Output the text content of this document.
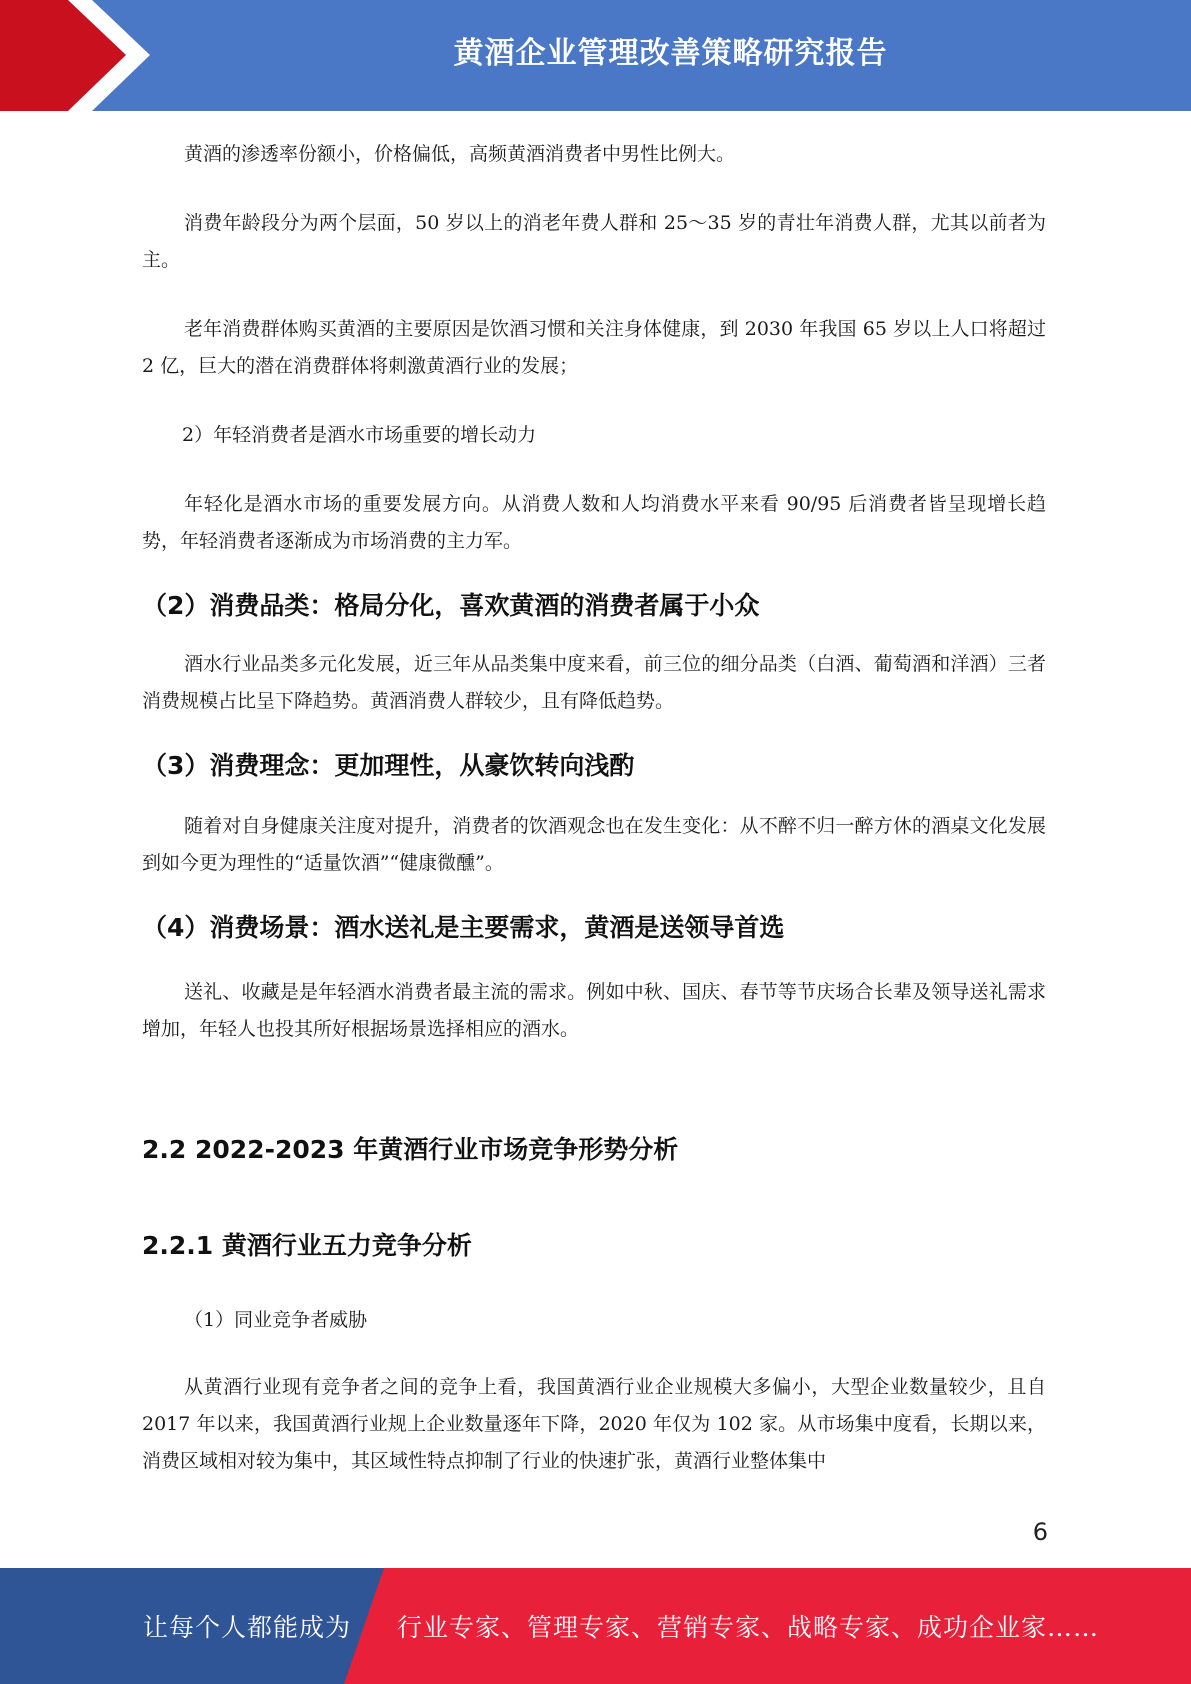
黄酒企业管理改善策略研究报告

黄酒的渗透率份额小，价格偏低，高频黄酒消费者中男性比例大。

消费年龄段分为两个层面，50 岁以上的消老年费人群和 25～35 岁的青壮年消费人群，尤其以前者为主。

老年消费群体购买黄酒的主要原因是饮酒习惯和关注身体健康，到 2030 年我国 65 岁以上人口将超过 2 亿，巨大的潜在消费群体将刺激黄酒行业的发展；

2）年轻消费者是酒水市场重要的增长动力

年轻化是酒水市场的重要发展方向。从消费人数和人均消费水平来看 90/95 后消费者皆呈现增长趋势，年轻消费者逐渐成为市场消费的主力军。

（2）消费品类：格局分化，喜欢黄酒的消费者属于小众

酒水行业品类多元化发展，近三年从品类集中度来看，前三位的细分品类（白酒、葡萄酒和洋酒）三者消费规模占比呈下降趋势。黄酒消费人群较少，且有降低趋势。

（3）消费理念：更加理性，从豪饮转向浅酌

随着对自身健康关注度对提升，消费者的饮酒观念也在发生变化：从不醉不归一醉方休的酒桌文化发展到如今更为理性的“适量饮酒”“健康微醺”。

（4）消费场景：酒水送礼是主要需求，黄酒是送领导首选

送礼、收藏是是年轻酒水消费者最主流的需求。例如中秋、国庆、春节等节庆场合长辈及领导送礼需求增加，年轻人也投其所好根据场景选择相应的酒水。

2.2 2022-2023 年黄酒行业市场竞争形势分析
2.2.1 黄酒行业五力竞争分析

（1）同业竞争者威胁

从黄酒行业现有竞争者之间的竞争上看，我国黄酒行业企业规模大多偏小，大型企业数量较少，且自 2017 年以来，我国黄酒行业规上企业数量逐年下降，2020 年仅为 102 家。从市场集中度看，长期以来，消费区域相对较为集中，其区域性特点抑制了行业的快速扩张，黄酒行业整体集中

6
让每个人都能成为 行业专家、管理专家、营销专家、战略专家、成功企业家……
